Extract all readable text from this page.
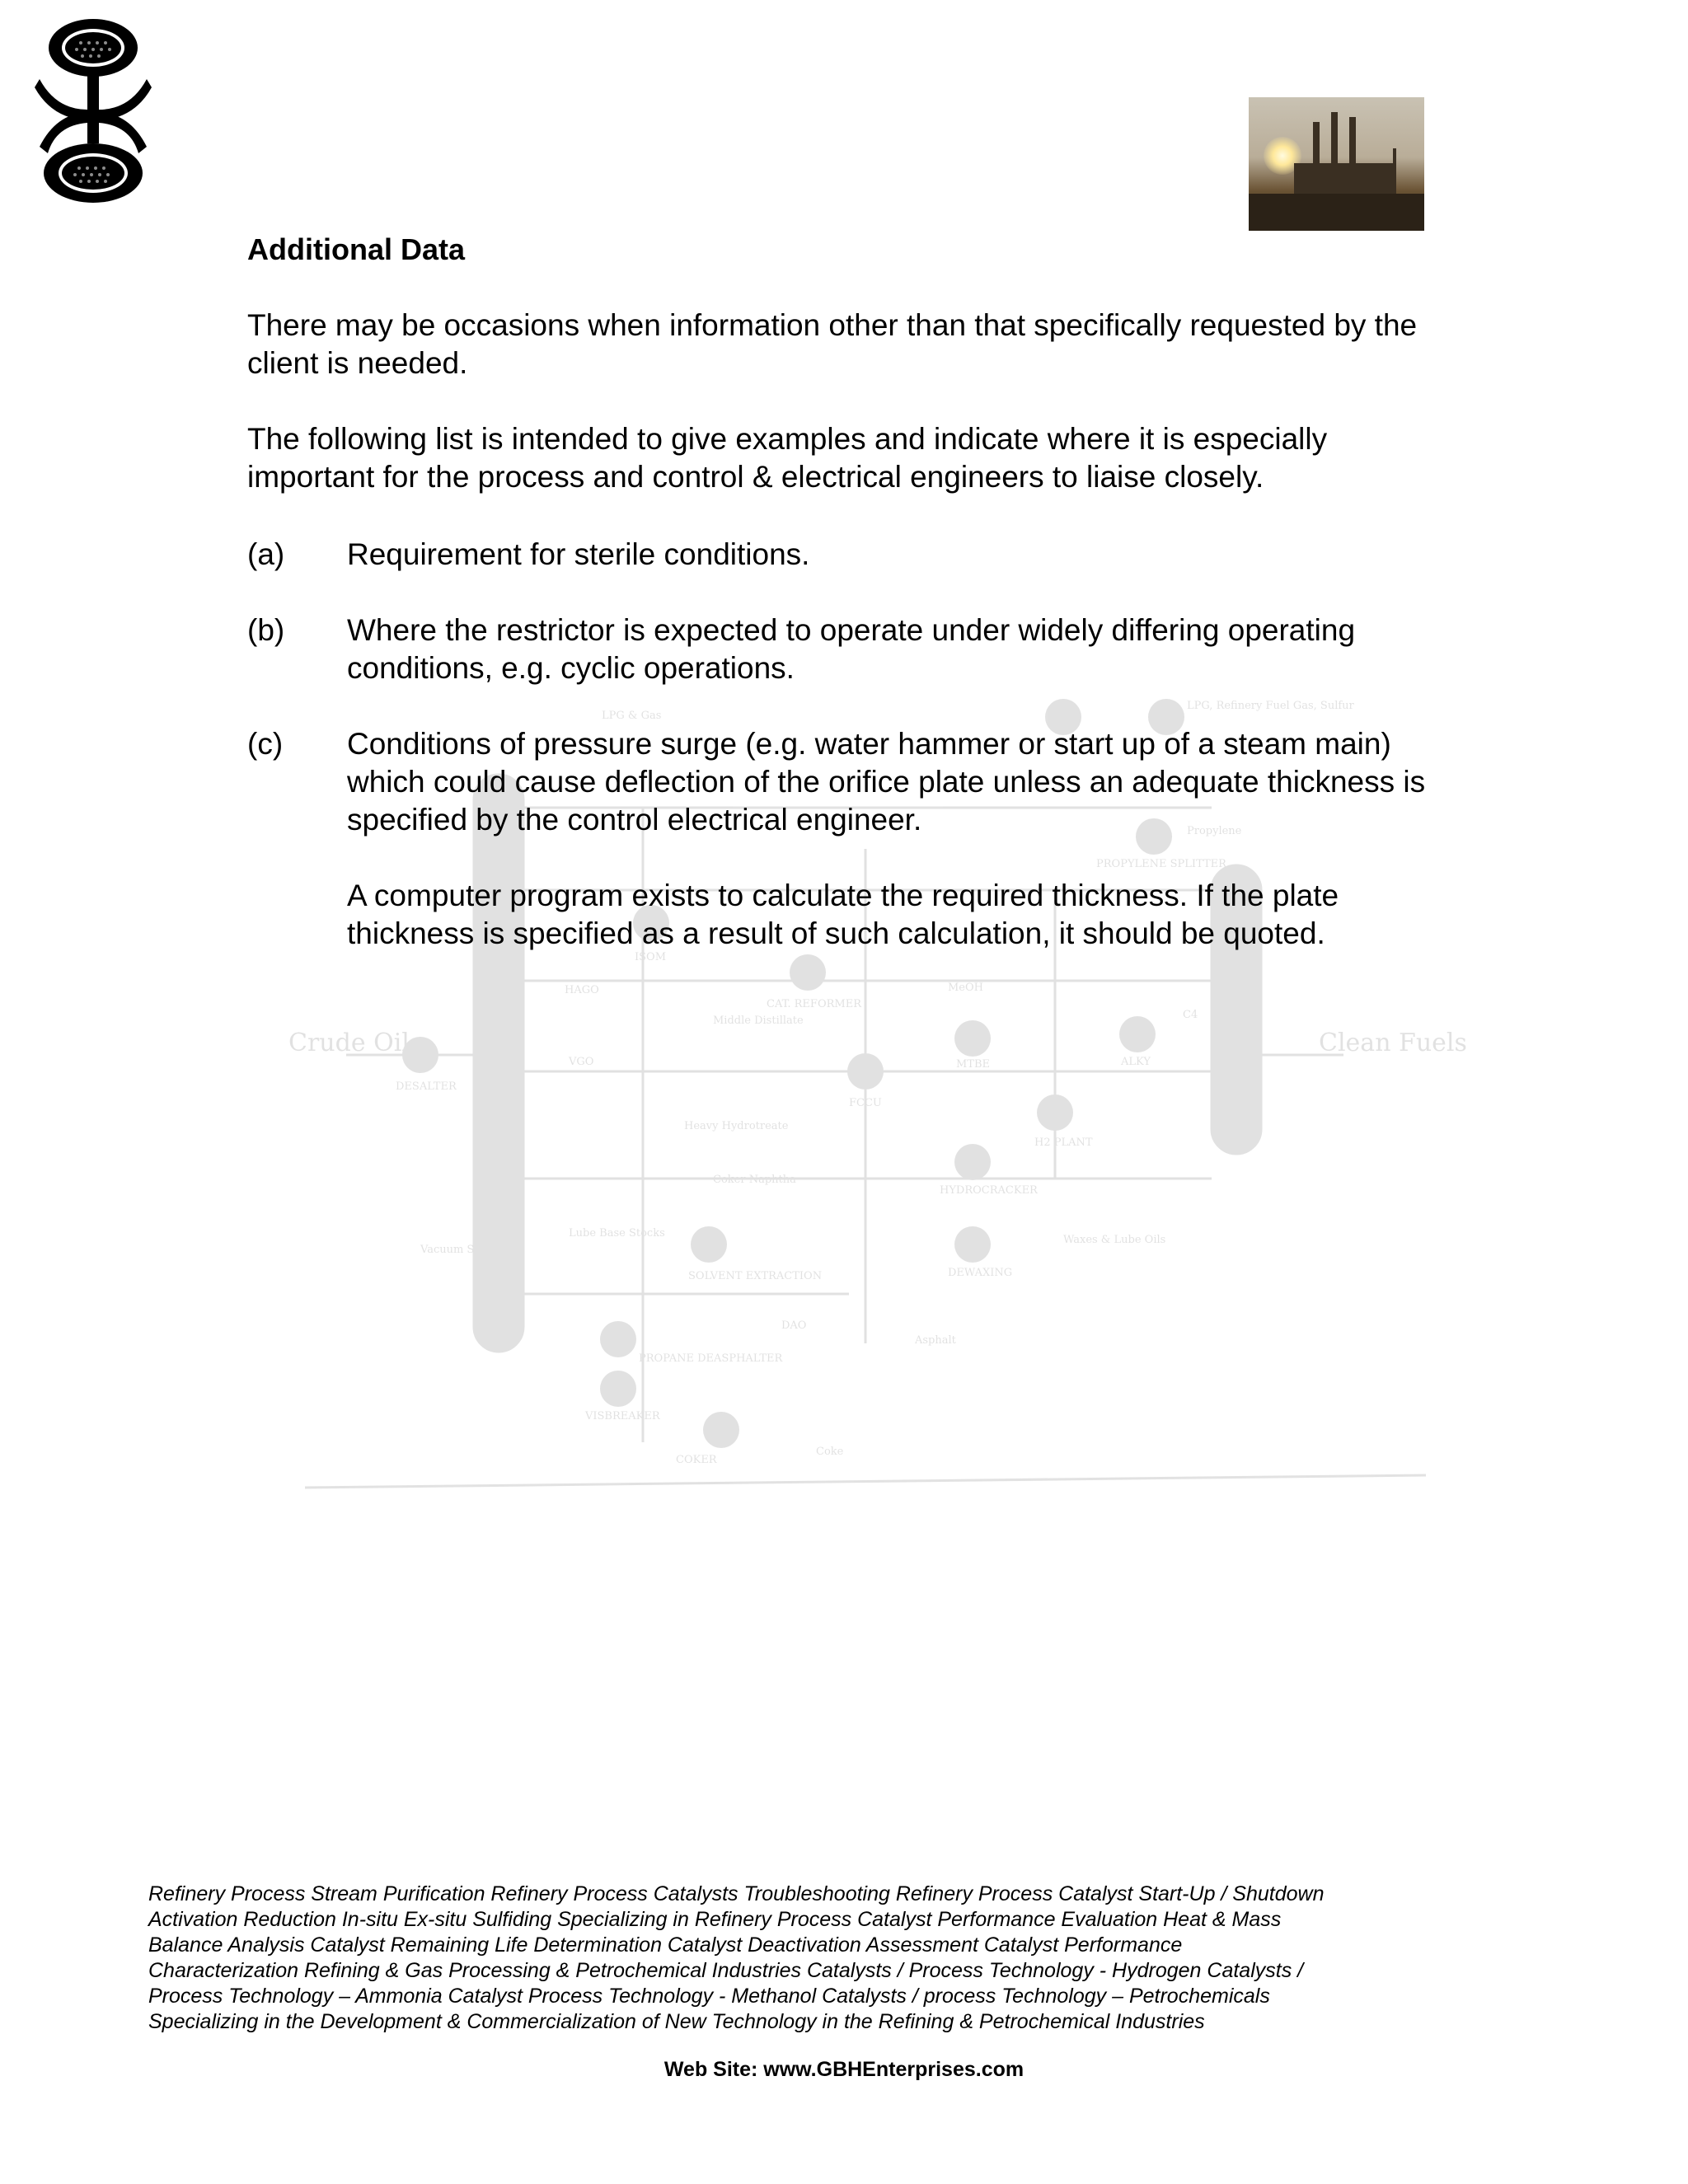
Crude Oil	Clean Fuels
DESALTER
LPG & Gas
LPG, Refinery Fuel Gas, Sulfur
Propylene
PROPYLENE SPLITTER
ISOM
CAT. REFORMER
HAGO	MeOH
Middle Distillate
VGO	MTBE	ALKY
FCCU
C4
Heavy Hydrotreate
H2 PLANT
Coker Naphtha
HYDROCRACKER
Lube Base Stocks
Vacuum Section
SOLVENT EXTRACTION	DEWAXING
Waxes & Lube Oils
DAO
Asphalt
PROPANE DEASPHALTER
VISBREAKER
COKER
Coke
Additional Data

There may be occasions when information other than that specifically requested by the client is needed.

The following list is intended to give examples and indicate where it is especially important for the process and control & electrical engineers to liaise closely.

(a) Requirement for sterile conditions.

(b) Where the restrictor is expected to operate under widely differing operating conditions, e.g. cyclic operations.

(c) Conditions of pressure surge (e.g. water hammer or start up of a steam main) which could cause deflection of the orifice plate unless an adequate thickness is specified by the control electrical engineer.

A computer program exists to calculate the required thickness. If the plate thickness is specified as a result of such calculation, it should be quoted.

Refinery Process Stream Purification Refinery Process Catalysts Troubleshooting Refinery Process Catalyst Start-Up / Shutdown
Activation Reduction In-situ Ex-situ Sulfiding Specializing in Refinery Process Catalyst Performance Evaluation Heat & Mass
Balance Analysis Catalyst Remaining Life Determination Catalyst Deactivation Assessment Catalyst Performance
Characterization Refining & Gas Processing & Petrochemical Industries Catalysts / Process Technology - Hydrogen Catalysts /
Process Technology – Ammonia Catalyst Process Technology - Methanol Catalysts / process Technology – Petrochemicals
Specializing in the Development & Commercialization of New Technology in the Refining & Petrochemical Industries

Web Site: www.GBHEnterprises.com
